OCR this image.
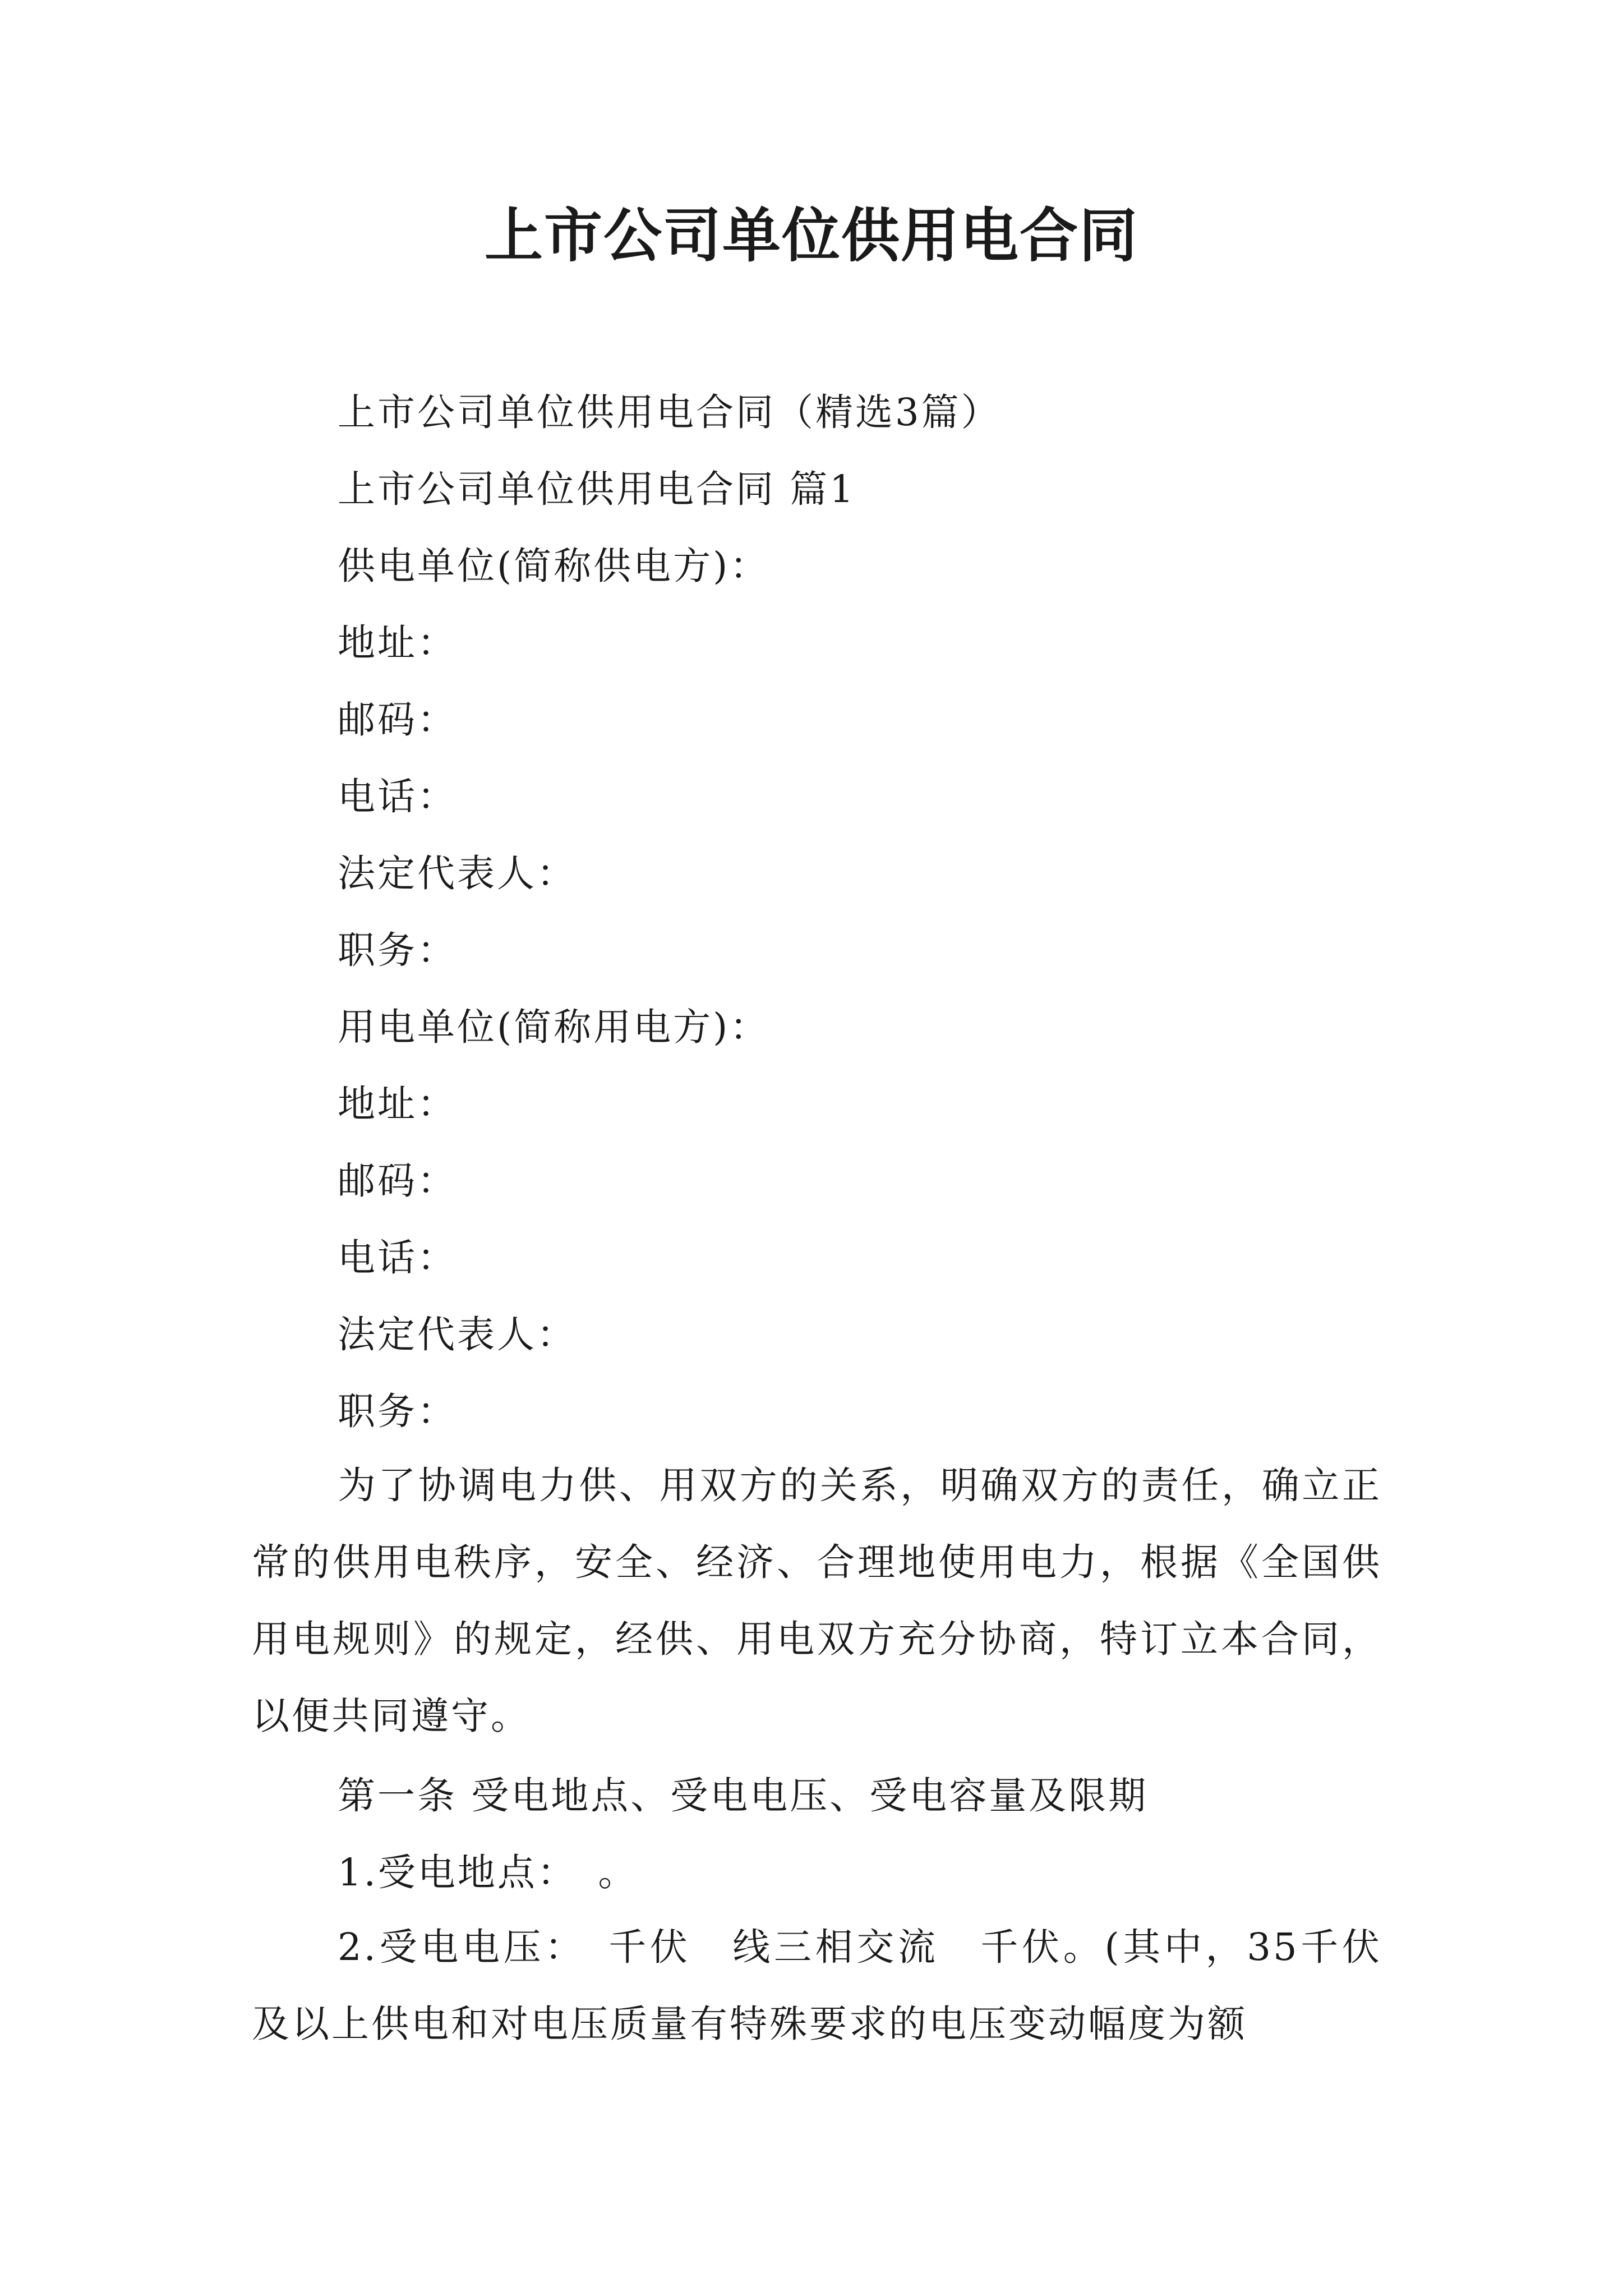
上市公司单位供用电合同
上市公司单位供用电合同（精选3篇）
上市公司单位供用电合同 篇1
供电单位(简称供电方)：
地址：
邮码：
电话：
法定代表人：
职务：
用电单位(简称用电方)：
地址：
邮码：
电话：
法定代表人：
职务：
为了协调电力供、用双方的关系，明确双方的责任，确立正常的供用电秩序，安全、经济、合理地使用电力，根据《全国供用电规则》的规定，经供、用电双方充分协商，特订立本合同，以便共同遵守。
第一条 受电地点、受电电压、受电容量及限期
1.受电地点：　。
2.受电电压：　千伏　线三相交流　千伏。(其中，35千伏及以上供电和对电压质量有特殊要求的电压变动幅度为额
